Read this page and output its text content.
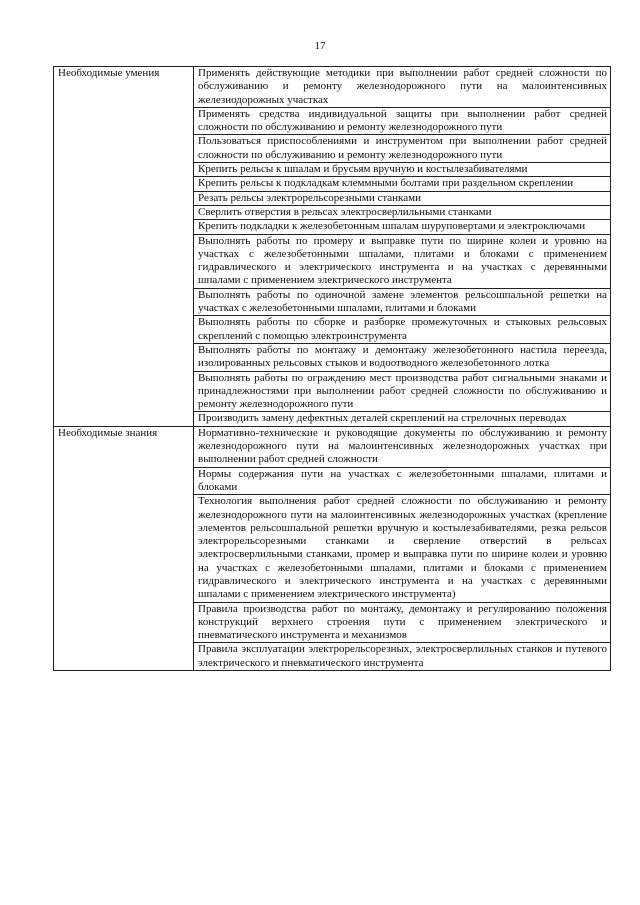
17
Необходимые умения	Применять действующие методики при выполнении работ средней сложности по обслуживанию и ремонту железнодорожного пути на малоинтенсивных железнодорожных участках
	Применять средства индивидуальной защиты при выполнении работ средней сложности по обслуживанию и ремонту железнодорожного пути
	Пользоваться приспособлениями и инструментом при выполнении работ средней сложности по обслуживанию и ремонту железнодорожного пути
	Крепить рельсы к шпалам и брусьям вручную и костылезабивателями
	Крепить рельсы к подкладкам клеммными болтами при раздельном скреплении
	Резать рельсы электрорельсорезными станками
	Сверлить отверстия в рельсах электросверлильными станками
	Крепить подкладки к железобетонным шпалам шуруповертами и электроключами
	Выполнять работы по промеру и выправке пути по ширине колеи и уровню на участках с железобетонными шпалами, плитами и блоками с применением гидравлического и электрического инструмента и на участках с деревянными шпалами с применением электрического инструмента
	Выполнять работы по одиночной замене элементов рельсошпальной решетки на участках с железобетонными шпалами, плитами и блоками
	Выполнять работы по сборке и разборке промежуточных и стыковых рельсовых скреплений с помощью электроинструмента
	Выполнять работы по монтажу и демонтажу железобетонного настила переезда, изолированных рельсовых стыков и водоотводного железобетонного лотка
	Выполнять работы по ограждению мест производства работ сигнальными знаками и принадлежностями при выполнении работ средней сложности по обслуживанию и ремонту железнодорожного пути
	Производить замену дефектных деталей скреплений на стрелочных переводах
Необходимые знания	Нормативно-технические и руководящие документы по обслуживанию и ремонту железнодорожного пути на малоинтенсивных железнодорожных участках при выполнении работ средней сложности
	Нормы содержания пути на участках с железобетонными шпалами, плитами и блоками
	Технология выполнения работ средней сложности по обслуживанию и ремонту железнодорожного пути на малоинтенсивных железнодорожных участках (крепление элементов рельсошпальной решетки вручную и костылезабивателями, резка рельсов электрорельсорезными станками и сверление отверстий в рельсах электросверлильными станками, промер и выправка пути по ширине колеи и уровню на участках с железобетонными шпалами, плитами и блоками с применением гидравлического и электрического инструмента и на участках с деревянными шпалами с применением электрического инструмента)
	Правила производства работ по монтажу, демонтажу и регулированию положения конструкций верхнего строения пути с применением электрического и пневматического инструмента и механизмов
	Правила эксплуатации электрорельсорезных, электросверлильных станков и путевого электрического и пневматического инструмента
